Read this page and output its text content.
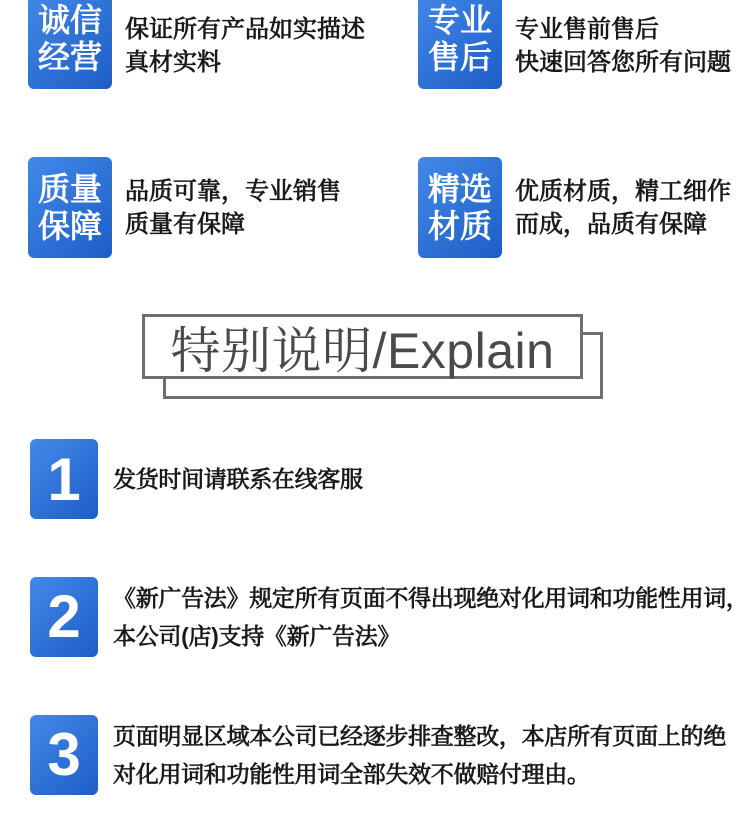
诚信
经营
保证所有产品如实描述
真材实料
专业
售后
专业售前售后
快速回答您所有问题
质量
保障
品质可靠，专业销售
质量有保障
精选
材质
优质材质，精工细作
而成，品质有保障
特别说明/Explain
1 发货时间请联系在线客服
2 《新广告法》规定所有页面不得出现绝对化用词和功能性用词，
本公司(店)支持《新广告法》
3 页面明显区域本公司已经逐步排查整改，本店所有页面上的绝
对化用词和功能性用词全部失效不做赔付理由。
